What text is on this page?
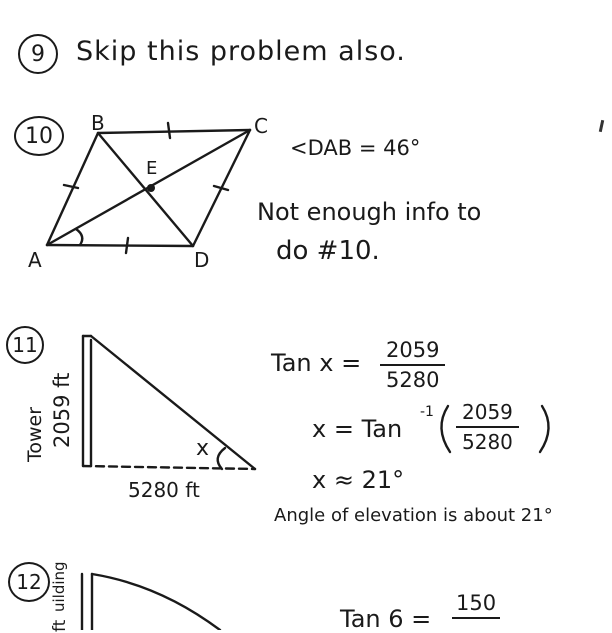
9 Skip this problem also.
10
B	C
E
A	D
<DAB = 46°
Not enough info to
do #10.
11
Tower 2059 ft
x
5280 ft
Tan $x = \frac{2059}{5280}$
x = Tan
$-1 \frac{2059}{5280}$
x ≈ 21°
Angle of elevation is about 21°
12 uilding
ft	Tan 6 =
150
